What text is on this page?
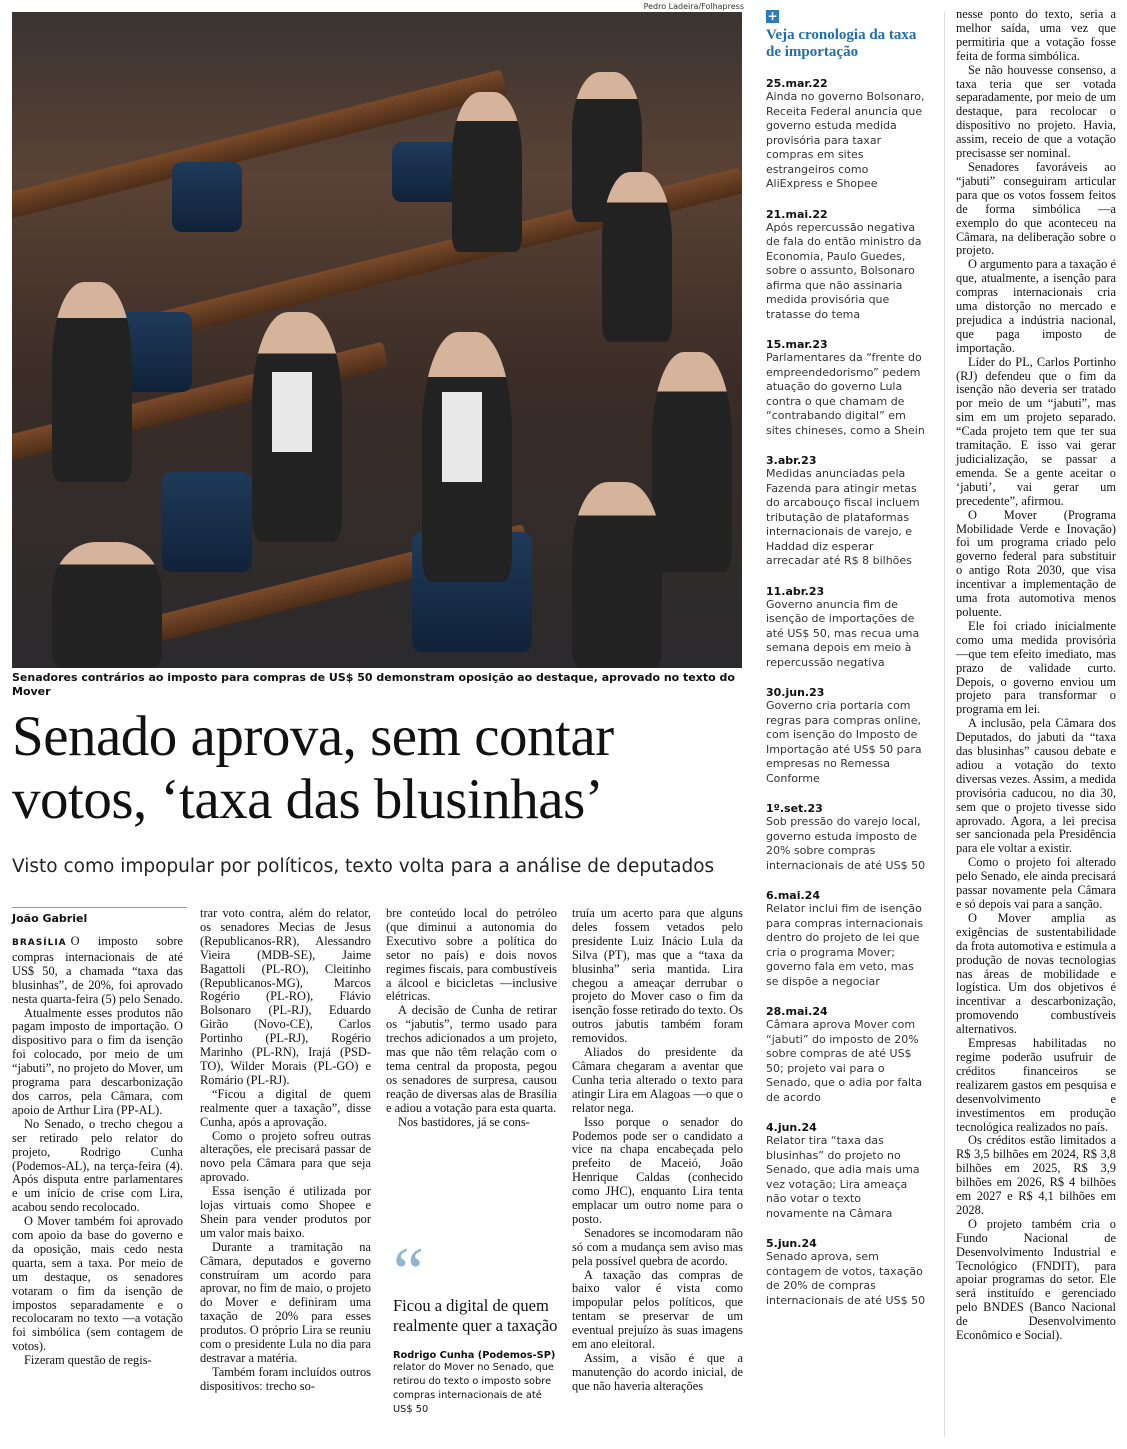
Pedro Ladeira/Folhapress
Senadores contrários ao imposto para compras de US$ 50 demonstram oposição ao destaque, aprovado no texto do Mover
Senado aprova, sem contar
votos, ‘taxa das blusinhas’
Visto como impopular por políticos, texto volta para a análise de deputados
João Gabriel

BRASÍLIA O imposto sobre compras internacionais de até US$ 50, a chamada “taxa das blusinhas”, de 20%, foi aprovado nesta quarta-feira (5) pelo Senado.

Atualmente esses produtos não pagam imposto de importação. O dispositivo para o fim da isenção foi colocado, por meio de um “jabuti”, no projeto do Mover, um programa para descarbonização dos carros, pela Câmara, com apoio de Arthur Lira (PP-AL).

No Senado, o trecho chegou a ser retirado pelo relator do projeto, Rodrigo Cunha (Podemos-AL), na terça-feira (4). Após disputa entre parlamentares e um início de crise com Lira, acabou sendo recolocado.

O Mover também foi aprovado com apoio da base do governo e da oposição, mais cedo nesta quarta, sem a taxa. Por meio de um destaque, os senadores votaram o fim da isenção de impostos separadamente e o recolocaram no texto —a votação foi simbólica (sem contagem de votos).

Fizeram questão de regis-

trar voto contra, além do relator, os senadores Mecias de Jesus (Republicanos-RR), Alessandro Vieira (MDB-SE), Jaime Bagattoli (PL-RO), Cleitinho (Republicanos-MG), Marcos Rogério (PL-RO), Flávio Bolsonaro (PL-RJ), Eduardo Girão (Novo-CE), Carlos Portinho (PL-RJ), Rogério Marinho (PL-RN), Irajá (PSD-TO), Wilder Morais (PL-GO) e Romário (PL-RJ).

“Ficou a digital de quem realmente quer a taxação”, disse Cunha, após a aprovação.

Como o projeto sofreu outras alterações, ele precisará passar de novo pela Câmara para que seja aprovado.

Essa isenção é utilizada por lojas virtuais como Shopee e Shein para vender produtos por um valor mais baixo.

Durante a tramitação na Câmara, deputados e governo construíram um acordo para aprovar, no fim de maio, o projeto do Mover e definiram uma taxação de 20% para esses produtos. O próprio Lira se reuniu com o presidente Lula no dia para destravar a matéria.

Também foram incluídos outros dispositivos: trecho so-

bre conteúdo local do petróleo (que diminui a autonomia do Executivo sobre a política do setor no país) e dois novos regimes fiscais, para combustíveis a álcool e bicicletas —inclusive elétricas.

A decisão de Cunha de retirar os “jabutis”, termo usado para trechos adicionados a um projeto, mas que não têm relação com o tema central da proposta, pegou os senadores de surpresa, causou reação de diversas alas de Brasília e adiou a votação para esta quarta.

Nos bastidores, já se cons-

“
Ficou a digital de quem realmente quer a taxação
Rodrigo Cunha (Podemos-SP)
relator do Mover no Senado, que retirou do texto o imposto sobre compras internacionais de até US$ 50

truía um acerto para que alguns deles fossem vetados pelo presidente Luiz Inácio Lula da Silva (PT), mas que a “taxa da blusinha” seria mantida. Lira chegou a ameaçar derrubar o projeto do Mover caso o fim da isenção fosse retirado do texto. Os outros jabutis também foram removidos.

Aliados do presidente da Câmara chegaram a aventar que Cunha teria alterado o texto para atingir Lira em Alagoas —o que o relator nega.

Isso porque o senador do Podemos pode ser o candidato a vice na chapa encabeçada pelo prefeito de Maceió, João Henrique Caldas (conhecido como JHC), enquanto Lira tenta emplacar um outro nome para o posto.

Senadores se incomodaram não só com a mudança sem aviso mas pela possível quebra de acordo.

A taxação das compras de baixo valor é vista como impopular pelos políticos, que tentam se preservar de um eventual prejuízo às suas imagens em ano eleitoral.

Assim, a visão é que a manutenção do acordo inicial, de que não haveria alterações

+
Veja cronologia da taxa de importação
25.mar.22
Ainda no governo Bolsonaro, Receita Federal anuncia que governo estuda medida provisória para taxar compras em sites estrangeiros como AliExpress e Shopee
21.mai.22
Após repercussão negativa de fala do então ministro da Economia, Paulo Guedes, sobre o assunto, Bolsonaro afirma que não assinaria medida provisória que tratasse do tema
15.mar.23
Parlamentares da “frente do empreendedorismo” pedem atuação do governo Lula contra o que chamam de “contrabando digital” em sites chineses, como a Shein
3.abr.23
Medidas anunciadas pela Fazenda para atingir metas do arcabouço fiscal incluem tributação de plataformas internacionais de varejo, e Haddad diz esperar arrecadar até R$ 8 bilhões
11.abr.23
Governo anuncia fim de isenção de importações de até US$ 50, mas recua uma semana depois em meio à repercussão negativa
30.jun.23
Governo cria portaria com regras para compras online, com isenção do Imposto de Importação até US$ 50 para empresas no Remessa Conforme
1º.set.23
Sob pressão do varejo local, governo estuda imposto de 20% sobre compras internacionais de até US$ 50
6.mai.24
Relator inclui fim de isenção para compras internacionais dentro do projeto de lei que cria o programa Mover; governo fala em veto, mas se dispõe a negociar
28.mai.24
Câmara aprova Mover com “jabuti” do imposto de 20% sobre compras de até US$ 50; projeto vai para o Senado, que o adia por falta de acordo
4.jun.24
Relator tira “taxa das blusinhas” do projeto no Senado, que adia mais uma vez votação; Lira ameaça não votar o texto novamente na Câmara
5.jun.24
Senado aprova, sem contagem de votos, taxação de 20% de compras internacionais de até US$ 50

nesse ponto do texto, seria a melhor saída, uma vez que permitiria que a votação fosse feita de forma simbólica.

Se não houvesse consenso, a taxa teria que ser votada separadamente, por meio de um destaque, para recolocar o dispositivo no projeto. Havia, assim, receio de que a votação precisasse ser nominal.

Senadores favoráveis ao “jabuti” conseguiram articular para que os votos fossem feitos de forma simbólica —a exemplo do que aconteceu na Câmara, na deliberação sobre o projeto.

O argumento para a taxação é que, atualmente, a isenção para compras internacionais cria uma distorção no mercado e prejudica a indústria nacional, que paga imposto de importação.

Líder do PL, Carlos Portinho (RJ) defendeu que o fim da isenção não deveria ser tratado por meio de um “jabuti”, mas sim em um projeto separado. “Cada projeto tem que ter sua tramitação. E isso vai gerar judicialização, se passar a emenda. Se a gente aceitar o ‘jabuti’, vai gerar um precedente”, afirmou.

O Mover (Programa Mobilidade Verde e Inovação) foi um programa criado pelo governo federal para substituir o antigo Rota 2030, que visa incentivar a implementação de uma frota automotiva menos poluente.

Ele foi criado inicialmente como uma medida provisória —que tem efeito imediato, mas prazo de validade curto. Depois, o governo enviou um projeto para transformar o programa em lei.

A inclusão, pela Câmara dos Deputados, do jabuti da “taxa das blusinhas” causou debate e adiou a votação do texto diversas vezes. Assim, a medida provisória caducou, no dia 30, sem que o projeto tivesse sido aprovado. Agora, a lei precisa ser sancionada pela Presidência para ele voltar a existir.

Como o projeto foi alterado pelo Senado, ele ainda precisará passar novamente pela Câmara e só depois vai para a sanção.

O Mover amplia as exigências de sustentabilidade da frota automotiva e estimula a produção de novas tecnologias nas áreas de mobilidade e logística. Um dos objetivos é incentivar a descarbonização, promovendo combustíveis alternativos.

Empresas habilitadas no regime poderão usufruir de créditos financeiros se realizarem gastos em pesquisa e desenvolvimento e investimentos em produção tecnológica realizados no país.

Os créditos estão limitados a R$ 3,5 bilhões em 2024, R$ 3,8 bilhões em 2025, R$ 3,9 bilhões em 2026, R$ 4 bilhões em 2027 e R$ 4,1 bilhões em 2028.

O projeto também cria o Fundo Nacional de Desenvolvimento Industrial e Tecnológico (FNDIT), para apoiar programas do setor. Ele será instituído e gerenciado pelo BNDES (Banco Nacional de Desenvolvimento Econômico e Social).
